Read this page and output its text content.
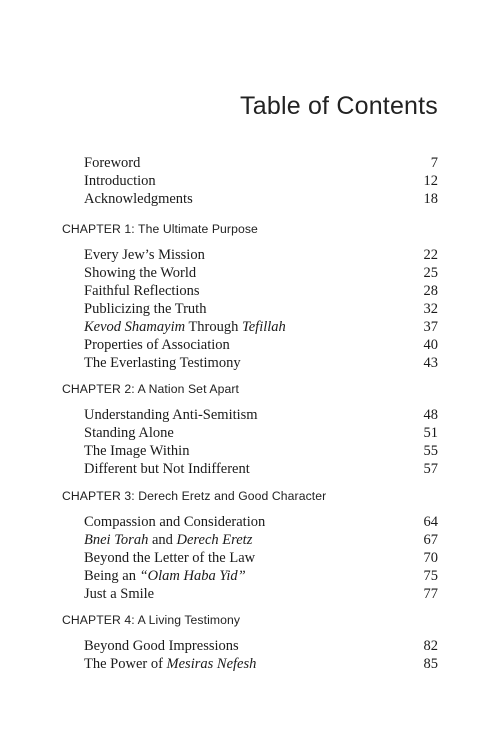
Table of Contents
Foreword	7
Introduction	12
Acknowledgments	18
CHAPTER 1: The Ultimate Purpose
Every Jew’s Mission	22
Showing the World	25
Faithful Reflections	28
Publicizing the Truth	32
Kevod Shamayim Through Tefillah	37
Properties of Association	40
The Everlasting Testimony	43
CHAPTER 2: A Nation Set Apart
Understanding Anti-Semitism	48
Standing Alone	51
The Image Within	55
Different but Not Indifferent	57
CHAPTER 3: Derech Eretz and Good Character
Compassion and Consideration	64
Bnei Torah and Derech Eretz	67
Beyond the Letter of the Law	70
Being an “Olam Haba Yid”	75
Just a Smile	77
CHAPTER 4: A Living Testimony
Beyond Good Impressions	82
The Power of Mesiras Nefesh	85
